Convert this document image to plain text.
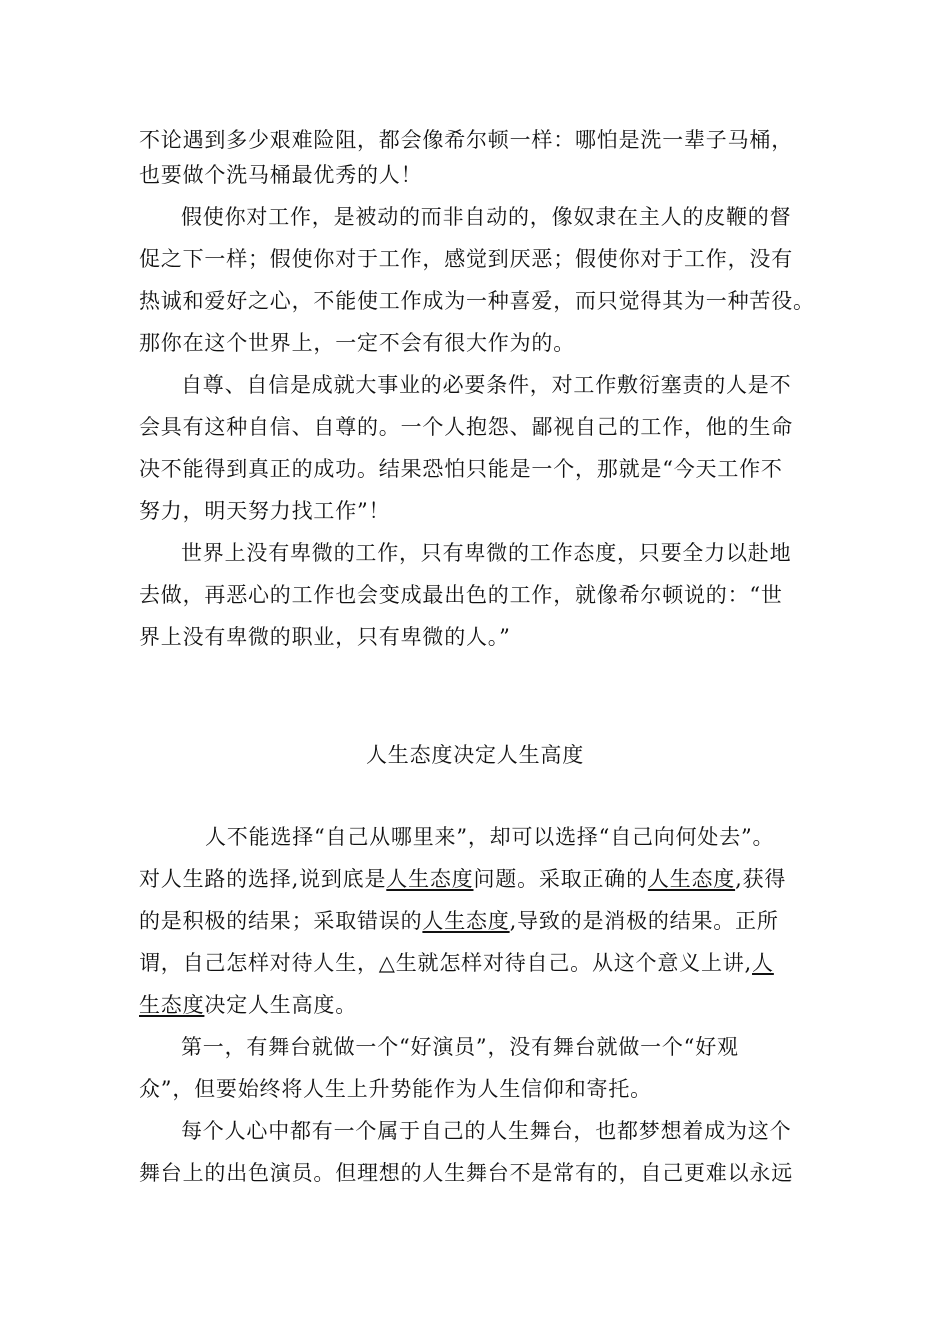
不论遇到多少艰难险阻，都会像希尔顿一样：哪怕是洗一辈子马桶，
也要做个洗马桶最优秀的人！
假使你对工作，是被动的而非自动的，像奴隶在主人的皮鞭的督
促之下一样；假使你对于工作，感觉到厌恶；假使你对于工作，没有
热诚和爱好之心，不能使工作成为一种喜爱，而只觉得其为一种苦役。
那你在这个世界上，一定不会有很大作为的。
自尊、自信是成就大事业的必要条件，对工作敷衍塞责的人是不
会具有这种自信、自尊的。一个人抱怨、鄙视自己的工作，他的生命
决不能得到真正的成功。结果恐怕只能是一个，那就是“今天工作不
努力，明天努力找工作”！
世界上没有卑微的工作，只有卑微的工作态度，只要全力以赴地
去做，再恶心的工作也会变成最出色的工作，就像希尔顿说的：“世
界上没有卑微的职业，只有卑微的人。”
人生态度决定人生高度
人不能选择“自己从哪里来”，却可以选择“自己向何处去”。
对人生路的选择,说到底是人生态度问题。采取正确的人生态度,获得
的是积极的结果；采取错误的人生态度,导致的是消极的结果。正所
谓，自己怎样对待人生，△生就怎样对待自己。从这个意义上讲,人
生态度决定人生高度。
第一，有舞台就做一个“好演员”，没有舞台就做一个“好观
众”，但要始终将人生上升势能作为人生信仰和寄托。
每个人心中都有一个属于自己的人生舞台，也都梦想着成为这个
舞台上的出色演员。但理想的人生舞台不是常有的，自己更难以永远
